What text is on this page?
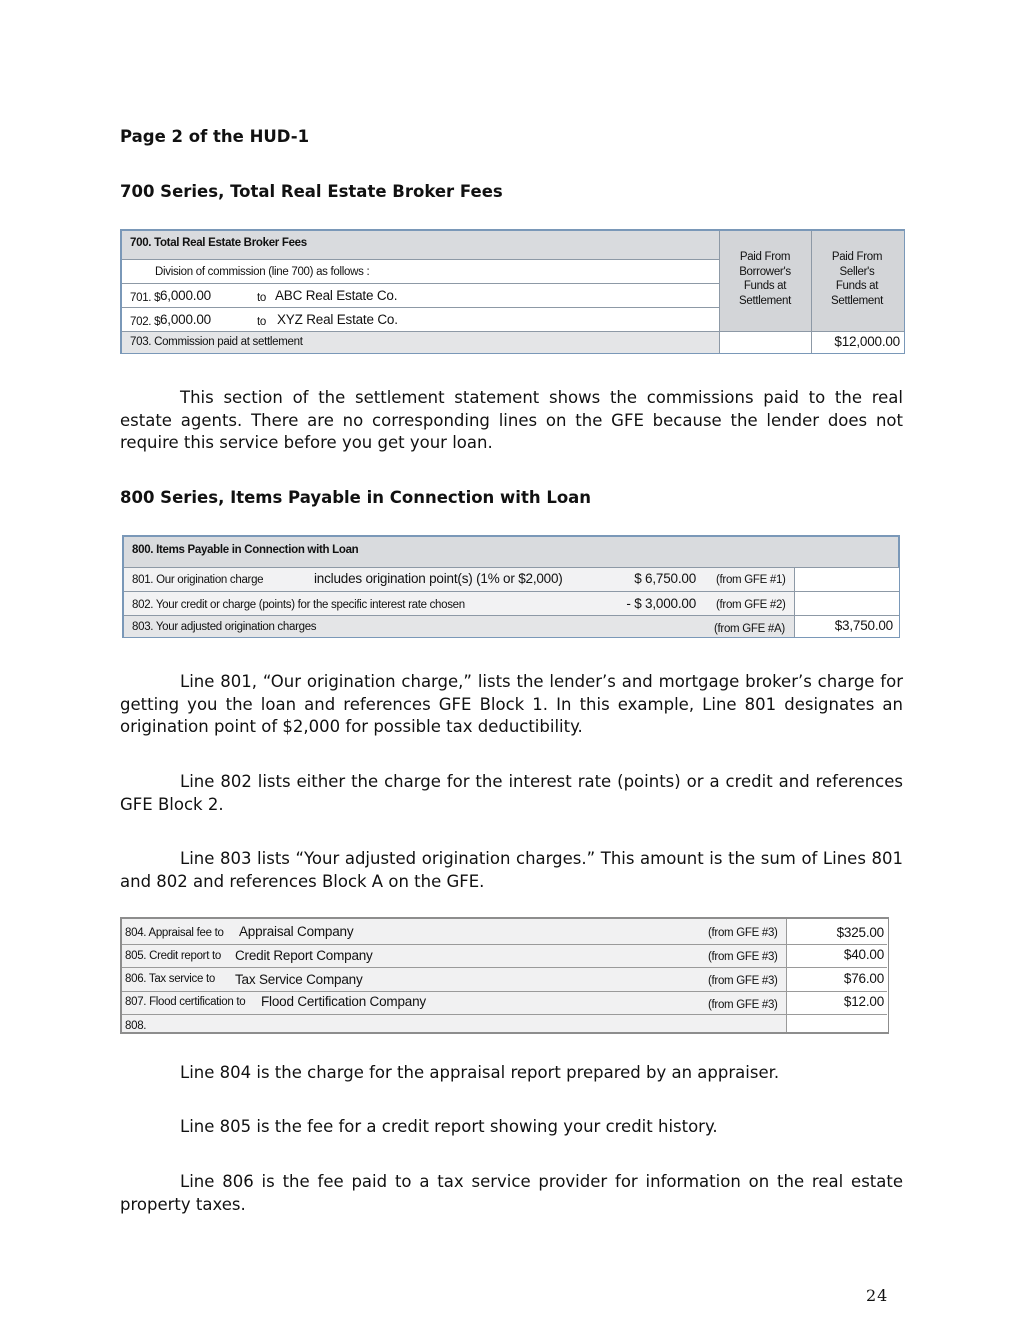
Page 2 of the HUD-1
700 Series, Total Real Estate Broker Fees
700. Total Real Estate Broker Fees
Paid From
Borrower's
Funds at
Settlement
Paid From
Seller's
Funds at
Settlement
Division of commission (line 700) as follows :
701. $ 6,000.00	to ABC Real Estate Co.
702. $ 6,000.00	to XYZ Real Estate Co.
703. Commission paid at settlement	$12,000.00

This section of the settlement statement shows the commissions paid to the real estate agents. There are no corresponding lines on the GFE because the lender does not require this service before you get your loan.

800 Series, Items Payable in Connection with Loan
800. Items Payable in Connection with Loan
801. Our origination charge	includes origination point(s) (1% or $2,000)	$ 6,750.00 (from GFE #1)
802. Your credit or charge (points) for the specific interest rate chosen	- $ 3,000.00 (from GFE #2)
803. Your adjusted origination charges	(from GFE #A)	$3,750.00

Line 801, “Our origination charge,” lists the lender’s and mortgage broker’s charge for getting you the loan and references GFE Block 1. In this example, Line 801 designates an origination point of $2,000 for possible tax deductibility.

Line 802 lists either the charge for the interest rate (points) or a credit and references GFE Block 2.

Line 803 lists “Your adjusted origination charges.” This amount is the sum of Lines 801 and 802 and references Block A on the GFE.

804. Appraisal fee to Appraisal Company	(from GFE #3)	$325.00
805. Credit report to Credit Report Company	(from GFE #3)	$40.00
806. Tax service to Tax Service Company	(from GFE #3)	$76.00
807. Flood certification to Flood Certification Company	(from GFE #3)	$12.00
808.

Line 804 is the charge for the appraisal report prepared by an appraiser.

Line 805 is the fee for a credit report showing your credit history.

Line 806 is the fee paid to a tax service provider for information on the real estate property taxes.

24
